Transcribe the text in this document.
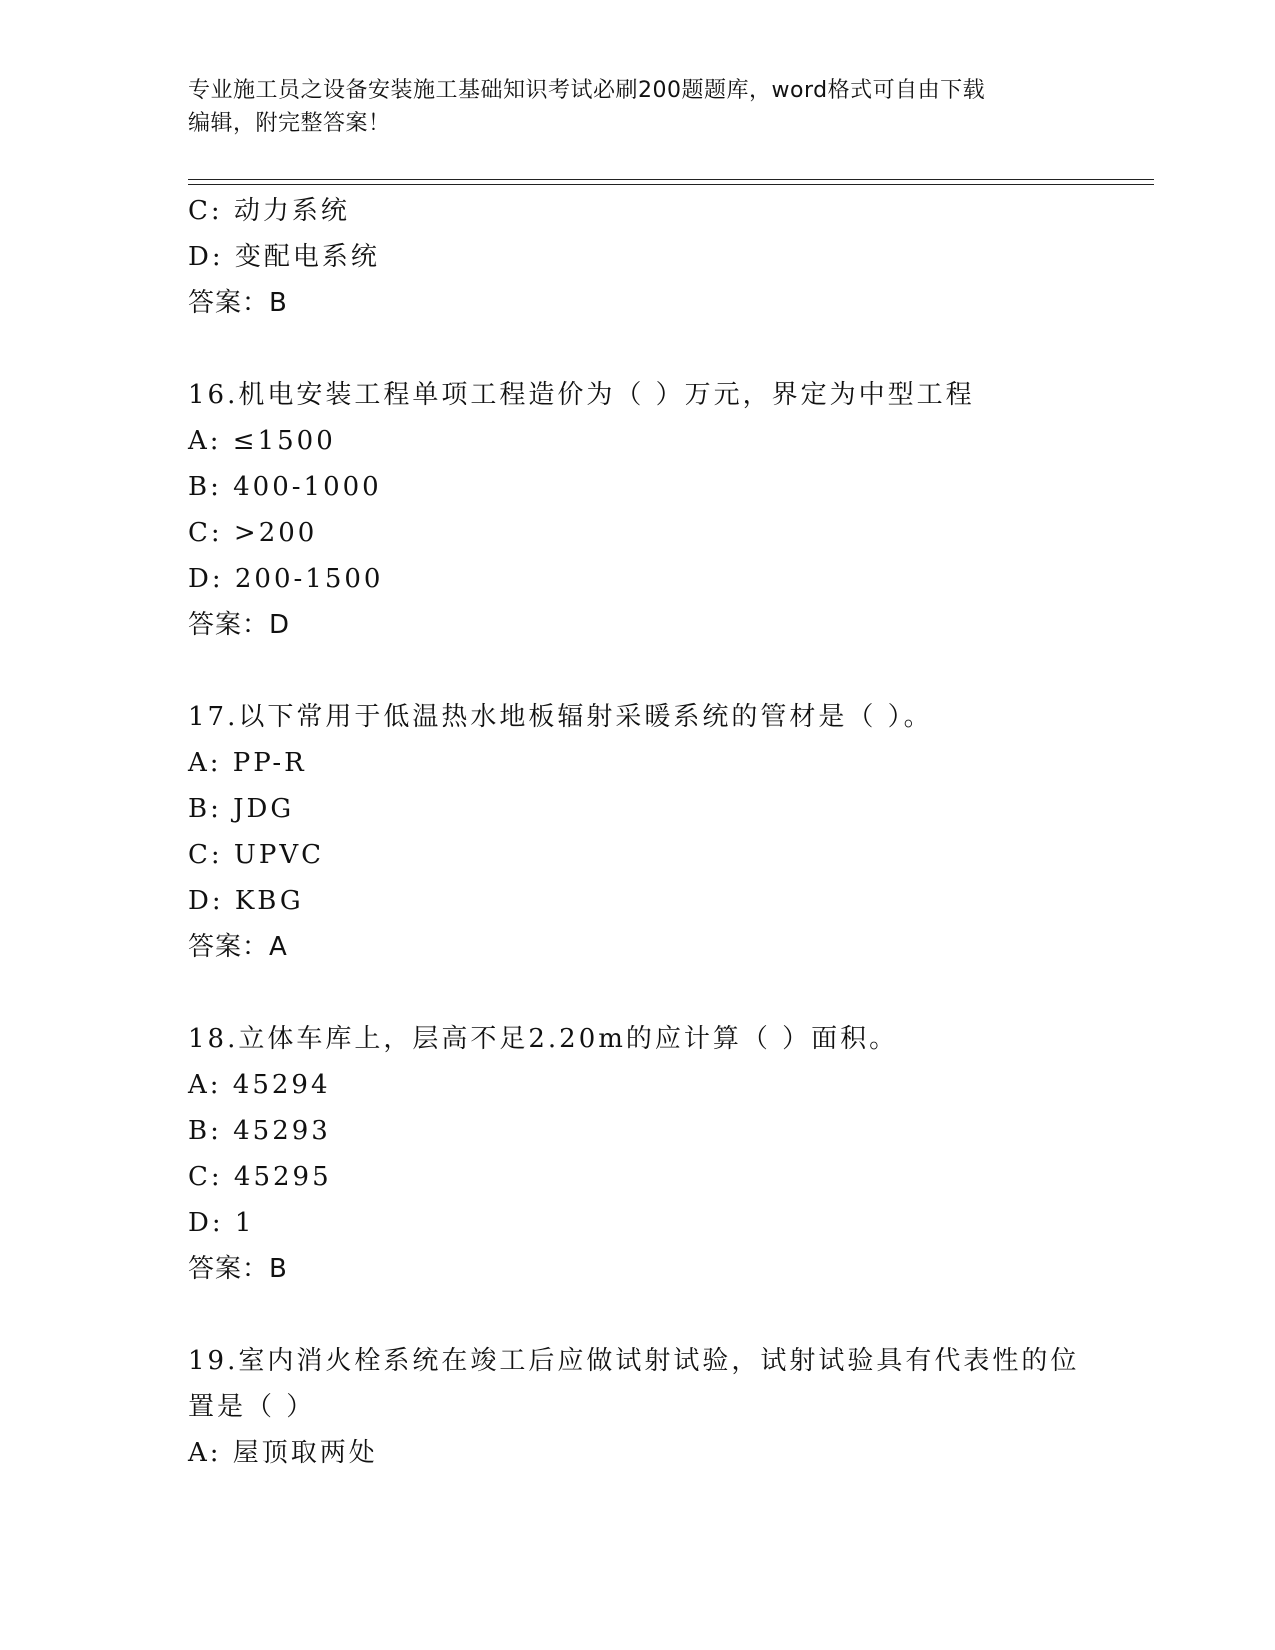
专业施工员之设备安装施工基础知识考试必刷200题题库，word格式可自由下载
编辑，附完整答案！
C: 动力系统
D: 变配电系统
答案：B
16.机电安装工程单项工程造价为（ ）万元，界定为中型工程
A: ≤1500
B: 400-1000
C: >200
D: 200-1500
答案：D
17.以下常用于低温热水地板辐射采暖系统的管材是（ ）。
A: PP-R
B: JDG
C: UPVC
D: KBG
答案：A
18.立体车库上，层高不足2.20m的应计算（ ）面积。
A: 45294
B: 45293
C: 45295
D: 1
答案：B
19.室内消火栓系统在竣工后应做试射试验，试射试验具有代表性的位
置是（ ）
A: 屋顶取两处
